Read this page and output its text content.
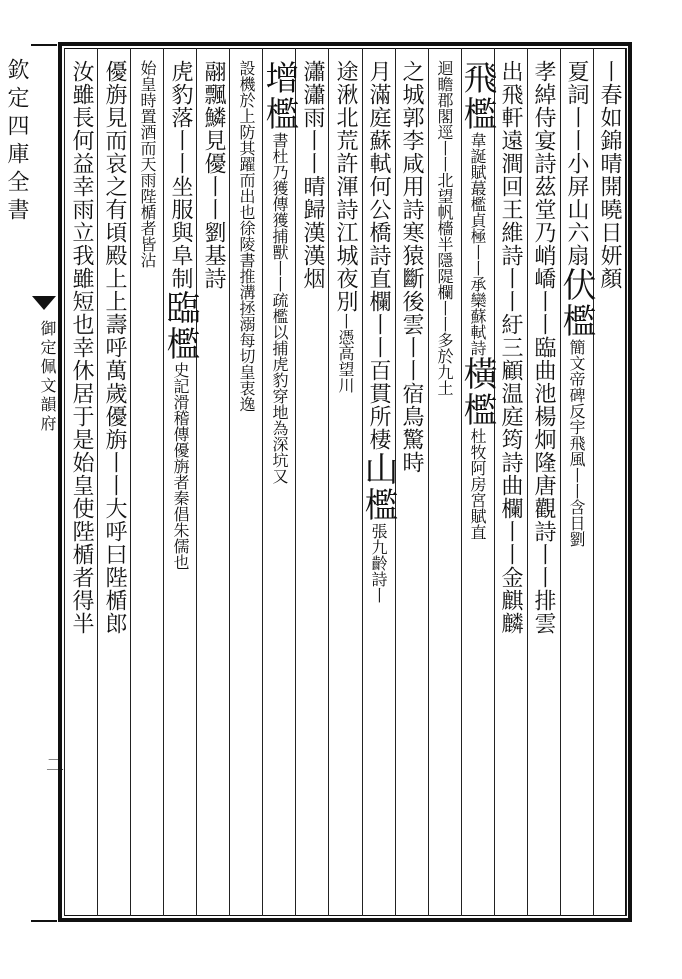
欽定四庫全書
御定佩文韻府
二
丨春如錦晴開曉日妍顏
夏詞丨丨小屏山六扇伏檻簡文帝碑反宇飛風丨丨含日劉
孝綽侍宴詩茲堂乃峭嶠丨丨臨曲池楊炯隆唐觀詩丨丨排雲
出飛軒遠澗回王維詩丨丨紆三顧温庭筠詩曲欄丨丨金麒麟
飛檻韋誕賦蕞檻貞極丨丨承欒蘇軾詩橫檻杜牧阿房宮賦直
迴瞻郡閣逕丨丨北望帆檣半隱隄欄丨丨多於九土
之城郭李咸用詩寒猿斷後雲丨丨宿鳥驚時
月滿庭蘇軾何公橋詩直欄丨丨百貫所棲山檻張九齡詩丨
途湫北荒許渾詩江城夜別丨憑高望川
瀟瀟雨丨丨晴歸漢漢烟
增檻書杜乃獲傳獲捕獸丨丨疏檻以捕虎豹穿地為深坑又
設機於上防其躍而出也徐陵書推溝拯溺每切皇衷逸
翮飄鱗見優丨丨劉基詩
虎豹落丨丨坐服與阜制臨檻史記滑稽傳優旃者秦倡朱儒也
始皇時置酒而天雨陛楯者皆沾
優旃見而哀之有頃殿上上壽呼萬歲優旃丨丨大呼曰陛楯郎
汝雖長何益幸雨立我雖短也幸休居于是始皇使陛楯者得半
